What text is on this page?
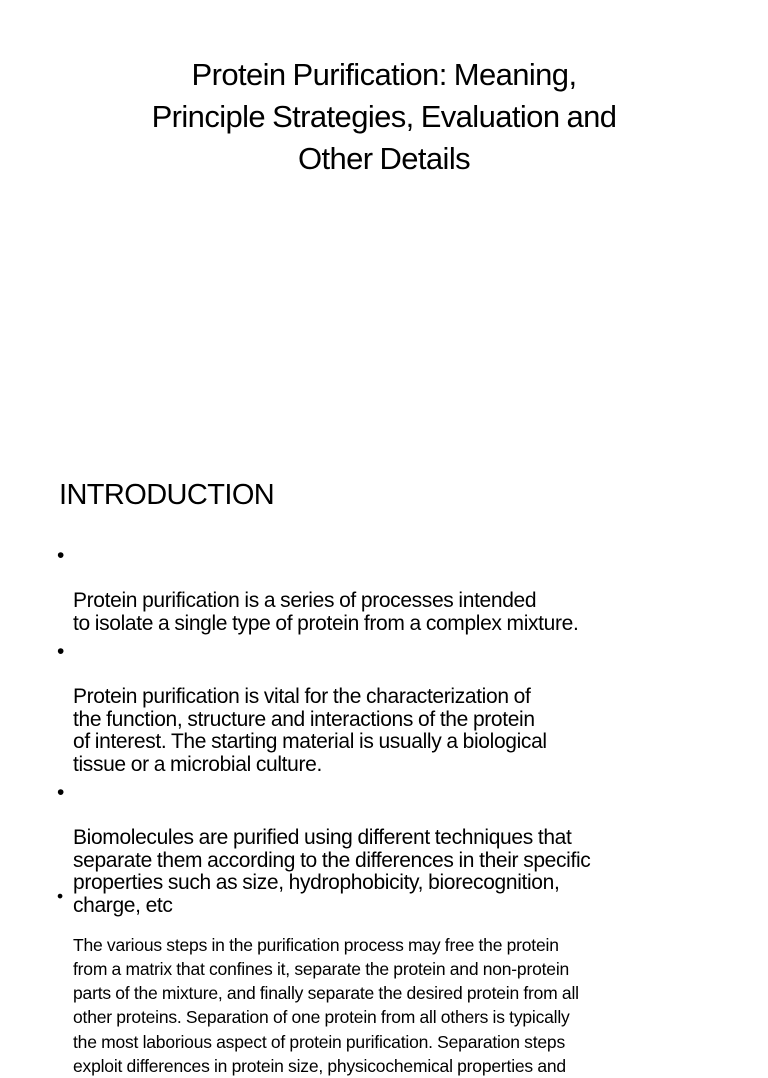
Protein Purification: Meaning,
Principle Strategies, Evaluation and
Other Details
INTRODUCTION

•

Protein purification is a series of processes intended
to isolate a single type of protein from a complex mixture.

•

Protein purification is vital for the characterization of
the function, structure and interactions of the protein
of interest. The starting material is usually a biological
tissue or a microbial culture.

•

Biomolecules are purified using different techniques that
separate them according to the differences in their specific
properties such as size, hydrophobicity, biorecognition,
charge, etc

•

The various steps in the purification process may free the protein
from a matrix that confines it, separate the protein and non-protein
parts of the mixture, and finally separate the desired protein from all
other proteins. Separation of one protein from all others is typically
the most laborious aspect of protein purification. Separation steps
exploit differences in protein size, physicochemical properties and
